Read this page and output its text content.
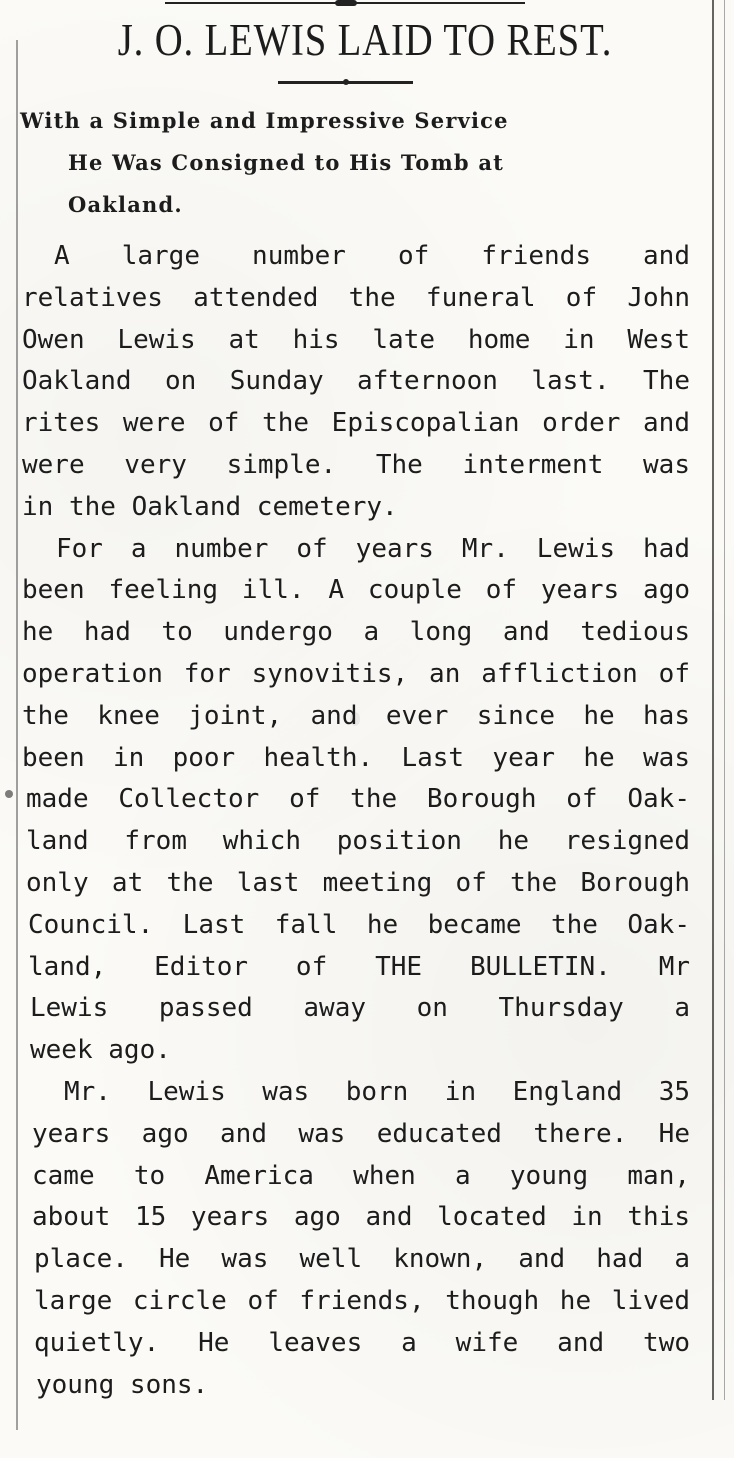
J. O. LEWIS LAID TO REST.
With a Simple and Impressive Service
He Was Consigned to His Tomb at
Oakland.
A large number of friends and
relatives attended the funeral of John
Owen Lewis at his late home in West
Oakland on Sunday afternoon last. The
rites were of the Episcopalian order and
were very simple. The interment was
in the Oakland cemetery.
For a number of years Mr. Lewis had
been feeling ill. A couple of years ago
he had to undergo a long and tedious
operation for synovitis, an affliction of
the knee joint, and ever since he has
been in poor health. Last year he was
made Collector of the Borough of Oak-
land from which position he resigned
only at the last meeting of the Borough
Council. Last fall he became the Oak-
land, Editor of THE BULLETIN. Mr
Lewis passed away on Thursday a
week ago.
Mr. Lewis was born in England 35
years ago and was educated there. He
came to America when a young man,
about 15 years ago and located in this
place. He was well known, and had a
large circle of friends, though he lived
quietly. He leaves a wife and two
young sons.
